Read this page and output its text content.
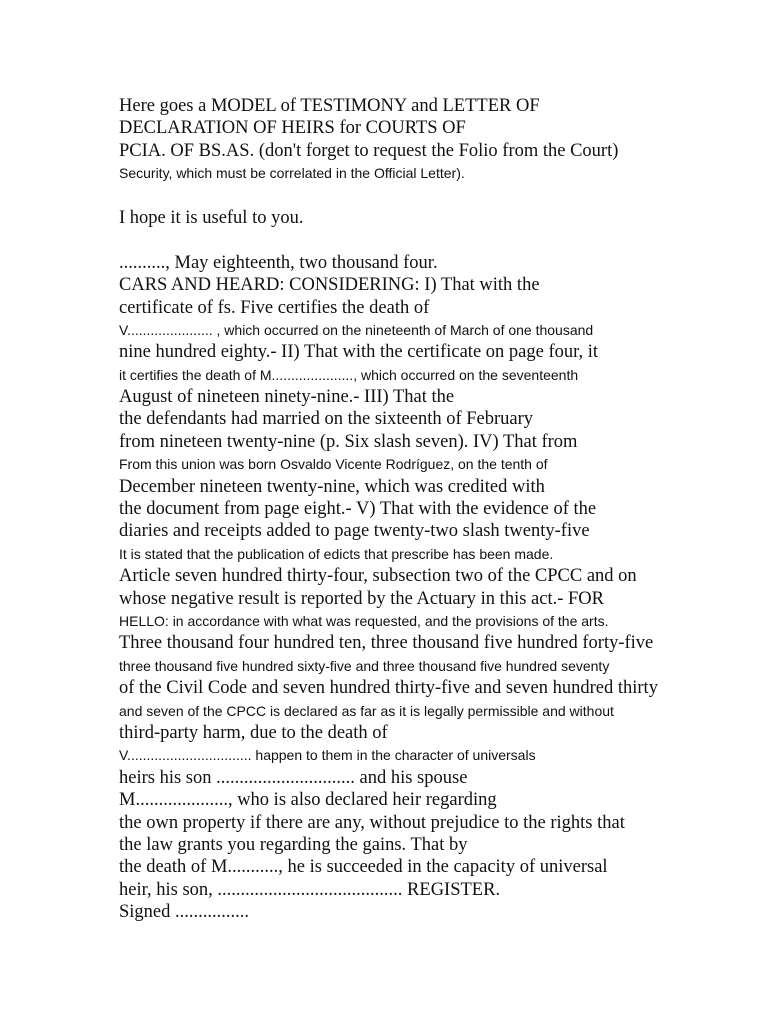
Here goes a MODEL of TESTIMONY and LETTER OF
DECLARATION OF HEIRS for COURTS OF
PCIA. OF BS.AS. (don't forget to request the Folio from the Court)
Security, which must be correlated in the Official Letter).
I hope it is useful to you.
.........., May eighteenth, two thousand four.
CARS AND HEARD: CONSIDERING: I) That with the
certificate of fs. Five certifies the death of
V...................... , which occurred on the nineteenth of March of one thousand
nine hundred eighty.- II) That with the certificate on page four, it
it certifies the death of M....................., which occurred on the seventeenth
August of nineteen ninety-nine.- III) That the
the defendants had married on the sixteenth of February
from nineteen twenty-nine (p. Six slash seven). IV) That from
From this union was born Osvaldo Vicente Rodríguez, on the tenth of
December nineteen twenty-nine, which was credited with
the document from page eight.- V) That with the evidence of the
diaries and receipts added to page twenty-two slash twenty-five
It is stated that the publication of edicts that prescribe has been made.
Article seven hundred thirty-four, subsection two of the CPCC and on
whose negative result is reported by the Actuary in this act.- FOR
HELLO: in accordance with what was requested, and the provisions of the arts.
Three thousand four hundred ten, three thousand five hundred forty-five
three thousand five hundred sixty-five and three thousand five hundred seventy
of the Civil Code and seven hundred thirty-five and seven hundred thirty
and seven of the CPCC is declared as far as it is legally permissible and without
third-party harm, due to the death of
V................................ happen to them in the character of universals
heirs his son .............................. and his spouse
M...................., who is also declared heir regarding
the own property if there are any, without prejudice to the rights that
the law grants you regarding the gains. That by
the death of M..........., he is succeeded in the capacity of universal
heir, his son, ........................................ REGISTER.
Signed ................
